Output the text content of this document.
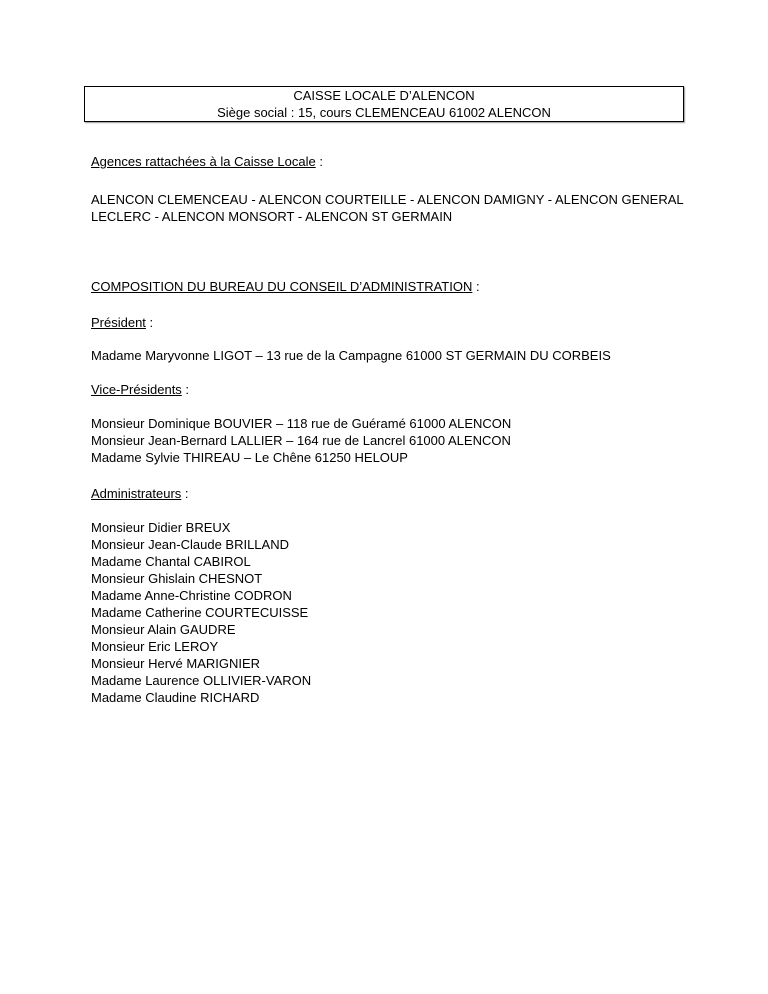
CAISSE LOCALE D’ALENCON
Siège social : 15, cours CLEMENCEAU 61002 ALENCON
Agences rattachées à la Caisse Locale :
ALENCON CLEMENCEAU - ALENCON COURTEILLE - ALENCON DAMIGNY - ALENCON GENERAL
LECLERC - ALENCON MONSORT - ALENCON ST GERMAIN
COMPOSITION DU BUREAU DU CONSEIL D’ADMINISTRATION :
Président :
Madame Maryvonne LIGOT – 13 rue de la Campagne 61000 ST GERMAIN DU CORBEIS
Vice-Présidents :
Monsieur Dominique BOUVIER – 118 rue de Guéramé 61000 ALENCON
Monsieur Jean-Bernard LALLIER – 164 rue de Lancrel 61000 ALENCON
Madame Sylvie THIREAU – Le Chêne 61250 HELOUP
Administrateurs :
Monsieur Didier BREUX
Monsieur Jean-Claude BRILLAND
Madame Chantal CABIROL
Monsieur Ghislain CHESNOT
Madame Anne-Christine CODRON
Madame Catherine COURTECUISSE
Monsieur Alain GAUDRE
Monsieur Eric LEROY
Monsieur Hervé MARIGNIER
Madame Laurence OLLIVIER-VARON
Madame Claudine RICHARD
